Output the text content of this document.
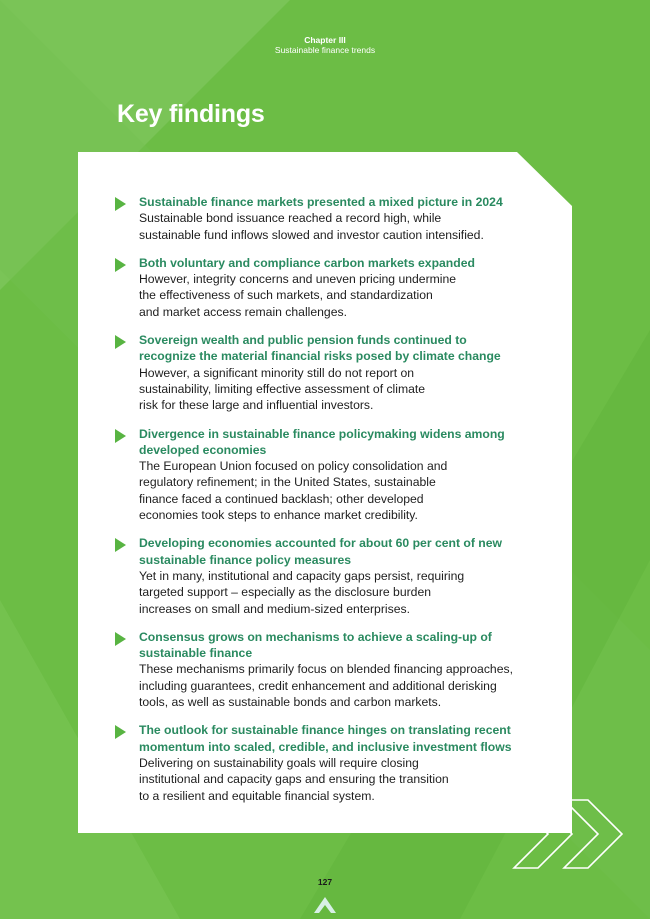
Chapter III
Sustainable finance trends
Key findings
Sustainable finance markets presented a mixed picture in 2024
Sustainable bond issuance reached a record high, while
sustainable fund inflows slowed and investor caution intensified.
Both voluntary and compliance carbon markets expanded
However, integrity concerns and uneven pricing undermine
the effectiveness of such markets, and standardization
and market access remain challenges.
Sovereign wealth and public pension funds continued to
recognize the material financial risks posed by climate change
However, a significant minority still do not report on
sustainability, limiting effective assessment of climate
risk for these large and influential investors.
Divergence in sustainable finance policymaking widens among
developed economies
The European Union focused on policy consolidation and
regulatory refinement; in the United States, sustainable
finance faced a continued backlash; other developed
economies took steps to enhance market credibility.
Developing economies accounted for about 60 per cent of new
sustainable finance policy measures
Yet in many, institutional and capacity gaps persist, requiring
targeted support – especially as the disclosure burden
increases on small and medium-sized enterprises.
Consensus grows on mechanisms to achieve a scaling-up of
sustainable finance
These mechanisms primarily focus on blended financing approaches,
including guarantees, credit enhancement and additional derisking
tools, as well as sustainable bonds and carbon markets.
The outlook for sustainable finance hinges on translating recent
momentum into scaled, credible, and inclusive investment flows
Delivering on sustainability goals will require closing
institutional and capacity gaps and ensuring the transition
to a resilient and equitable financial system.
127
